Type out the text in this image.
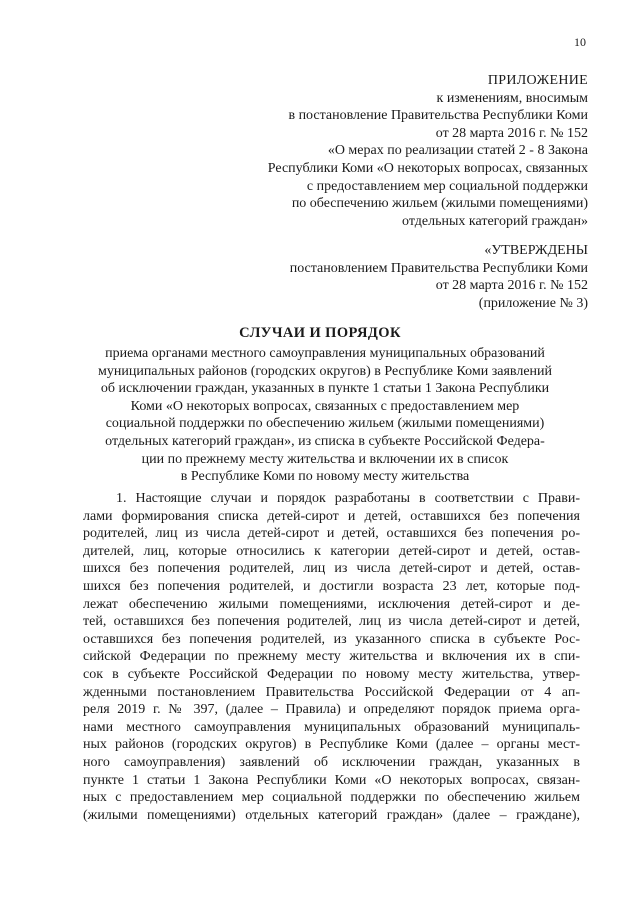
10
ПРИЛОЖЕНИЕ
к изменениям, вносимым
в постановление Правительства Республики Коми
от 28 марта 2016 г. № 152
«О мерах по реализации статей 2 - 8 Закона
Республики Коми «О некоторых вопросах, связанных
с предоставлением мер социальной поддержки
по обеспечению жильем (жилыми помещениями)
отдельных категорий граждан»
«УТВЕРЖДЕНЫ
постановлением Правительства Республики Коми
от 28 марта 2016 г. № 152
(приложение № 3)
СЛУЧАИ И ПОРЯДОК
приема органами местного самоуправления муниципальных образований
муниципальных районов (городских округов) в Республике Коми заявлений
об исключении граждан, указанных в пункте 1 статьи 1 Закона Республики
Коми «О некоторых вопросах, связанных с предоставлением мер
социальной поддержки по обеспечению жильем (жилыми помещениями)
отдельных категорий граждан», из списка в субъекте Российской Федера-
ции по прежнему месту жительства и включении их в список
в Республике Коми по новому месту жительства
1. Настоящие случаи и порядок разработаны в соответствии с Прави-
лами формирования списка детей-сирот и детей, оставшихся без попечения
родителей, лиц из числа детей-сирот и детей, оставшихся без попечения ро-
дителей, лиц, которые относились к категории детей-сирот и детей, остав-
шихся без попечения родителей, лиц из числа детей-сирот и детей, остав-
шихся без попечения родителей, и достигли возраста 23 лет, которые под-
лежат обеспечению жилыми помещениями, исключения детей-сирот и де-
тей, оставшихся без попечения родителей, лиц из числа детей-сирот и детей,
оставшихся без попечения родителей, из указанного списка в субъекте Рос-
сийской Федерации по прежнему месту жительства и включения их в спи-
сок в субъекте Российской Федерации по новому месту жительства, утвер-
жденными постановлением Правительства Российской Федерации от 4 ап-
реля 2019 г. № 397, (далее – Правила) и определяют порядок приема орга-
нами местного самоуправления муниципальных образований муниципаль-
ных районов (городских округов) в Республике Коми (далее – органы мест-
ного самоуправления) заявлений об исключении граждан, указанных в
пункте 1 статьи 1 Закона Республики Коми «О некоторых вопросах, связан-
ных с предоставлением мер социальной поддержки по обеспечению жильем
(жилыми помещениями) отдельных категорий граждан» (далее – граждане),
